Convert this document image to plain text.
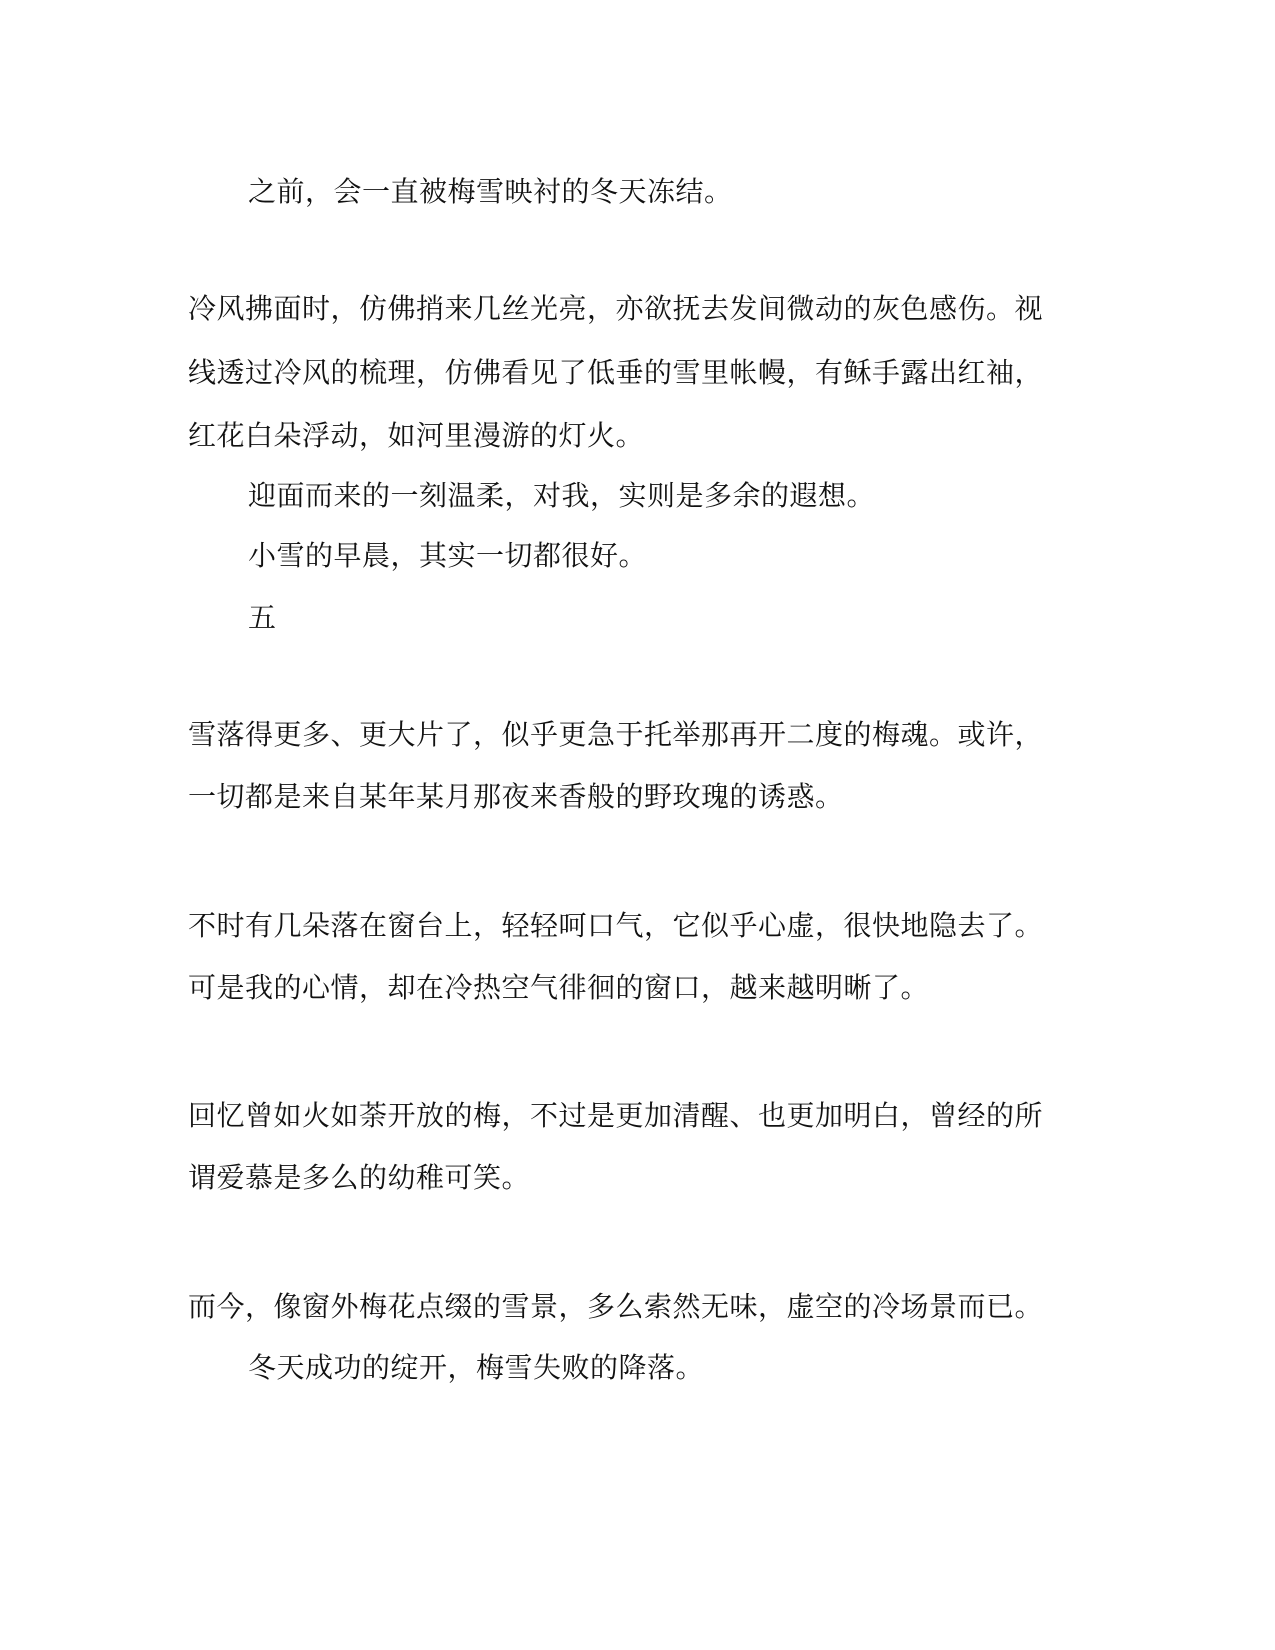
之前，会一直被梅雪映衬的冬天冻结。
冷风拂面时，仿佛捎来几丝光亮，亦欲抚去发间微动的灰色感伤。视
线透过冷风的梳理，仿佛看见了低垂的雪里帐幔，有稣手露出红袖，
红花白朵浮动，如河里漫游的灯火。
迎面而来的一刻温柔，对我，实则是多余的遐想。
小雪的早晨，其实一切都很好。
五
雪落得更多、更大片了，似乎更急于托举那再开二度的梅魂。或许，
一切都是来自某年某月那夜来香般的野玫瑰的诱惑。
不时有几朵落在窗台上，轻轻呵口气，它似乎心虚，很快地隐去了。
可是我的心情，却在冷热空气徘徊的窗口，越来越明晰了。
回忆曾如火如荼开放的梅，不过是更加清醒、也更加明白，曾经的所
谓爱慕是多么的幼稚可笑。
而今，像窗外梅花点缀的雪景，多么索然无味，虚空的冷场景而已。
冬天成功的绽开，梅雪失败的降落。
